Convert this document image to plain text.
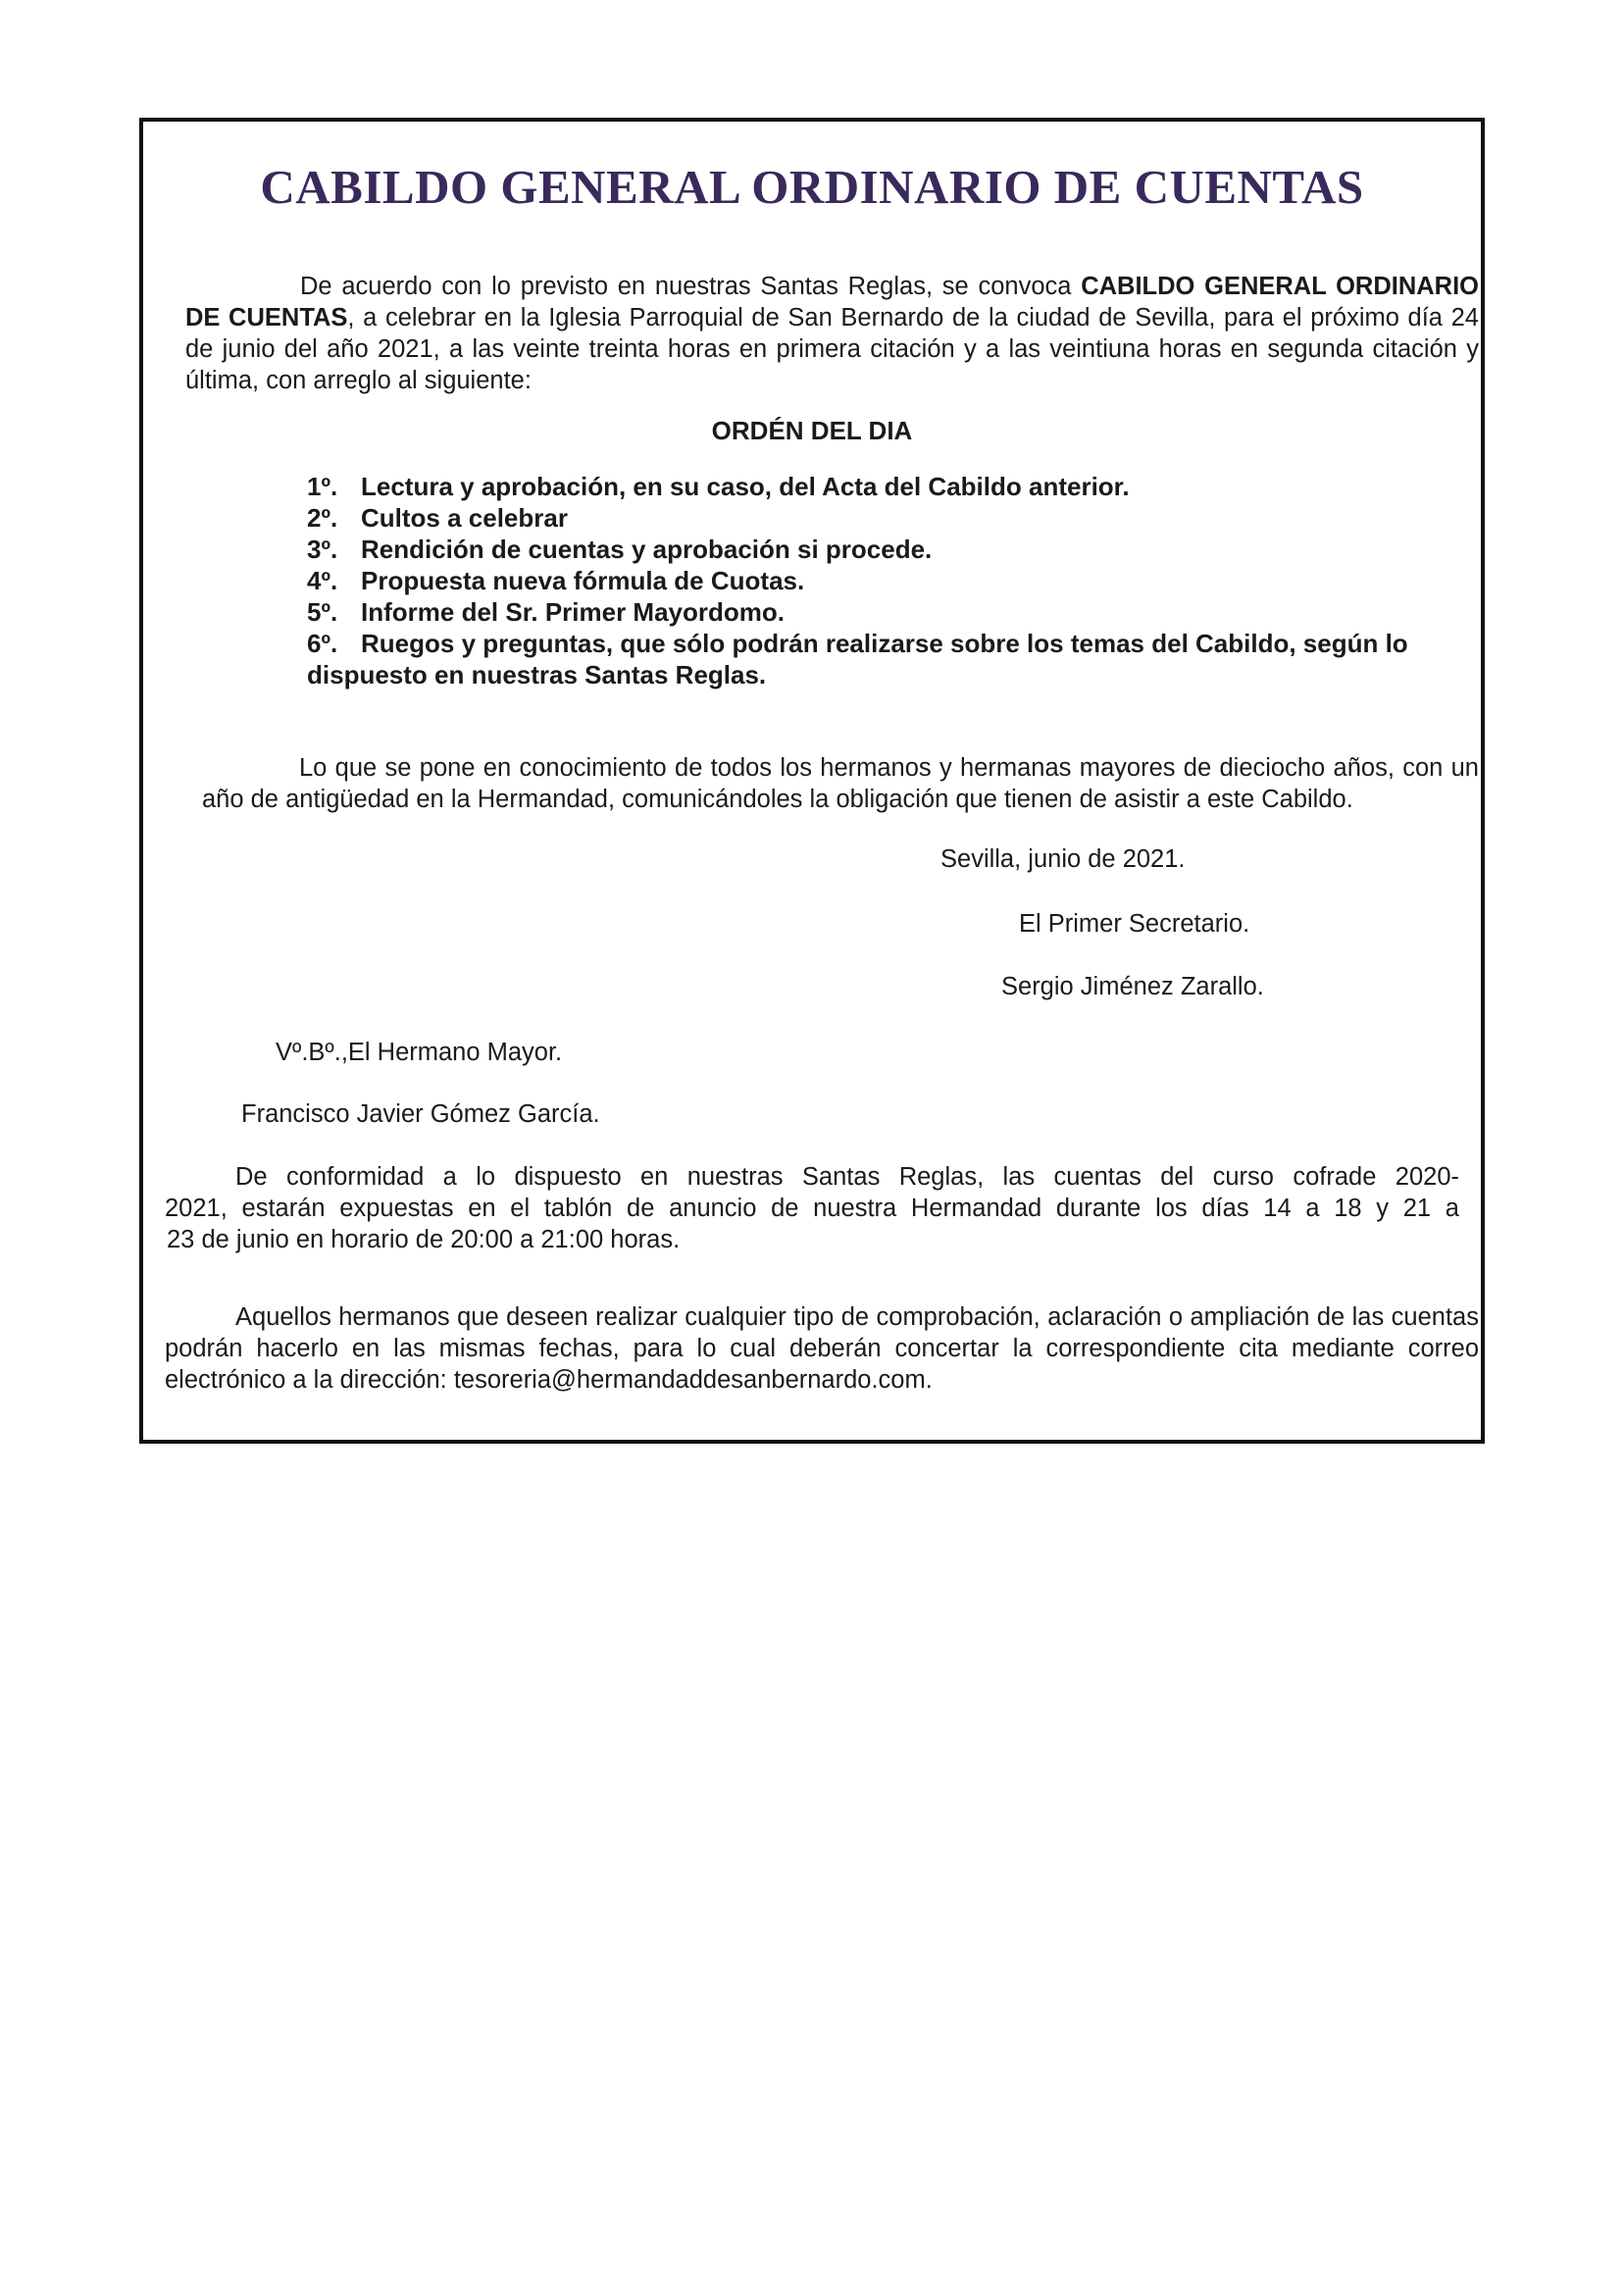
CABILDO GENERAL ORDINARIO DE CUENTAS
De acuerdo con lo previsto en nuestras Santas Reglas, se convoca CABILDO GENERAL ORDINARIO DE CUENTAS, a celebrar en la Iglesia Parroquial de San Bernardo de la ciudad de Sevilla, para el próximo día 24 de junio del año 2021, a las veinte treinta horas en primera citación y a las veintiuna horas en segunda citación y última, con arreglo al siguiente:
ORDÉN DEL DIA
1º. Lectura y aprobación, en su caso, del Acta del Cabildo anterior.
2º. Cultos a celebrar
3º. Rendición de cuentas y aprobación si procede.
4º. Propuesta nueva fórmula de Cuotas.
5º. Informe del Sr. Primer Mayordomo.
6º. Ruegos y preguntas, que sólo podrán realizarse sobre los temas del Cabildo, según lo dispuesto en nuestras Santas Reglas.
Lo que se pone en conocimiento de todos los hermanos y hermanas mayores de dieciocho años, con un año de antigüedad en la Hermandad, comunicándoles la obligación que tienen de asistir a este Cabildo.
Sevilla, junio de 2021.
El Primer Secretario.
Sergio Jiménez Zarallo.
Vº.Bº.,El Hermano Mayor.
Francisco Javier Gómez García.
De conformidad a lo dispuesto en nuestras Santas Reglas, las cuentas del curso cofrade 2020-
2021, estarán expuestas en el tablón de anuncio de nuestra Hermandad durante los días 14 a 18 y 21 a
23 de junio en horario de 20:00 a 21:00 horas.
Aquellos hermanos que deseen realizar cualquier tipo de comprobación, aclaración o ampliación de las cuentas podrán hacerlo en las mismas fechas, para lo cual deberán concertar la correspondiente cita mediante correo electrónico a la dirección: tesoreria@hermandaddesanbernardo.com.
